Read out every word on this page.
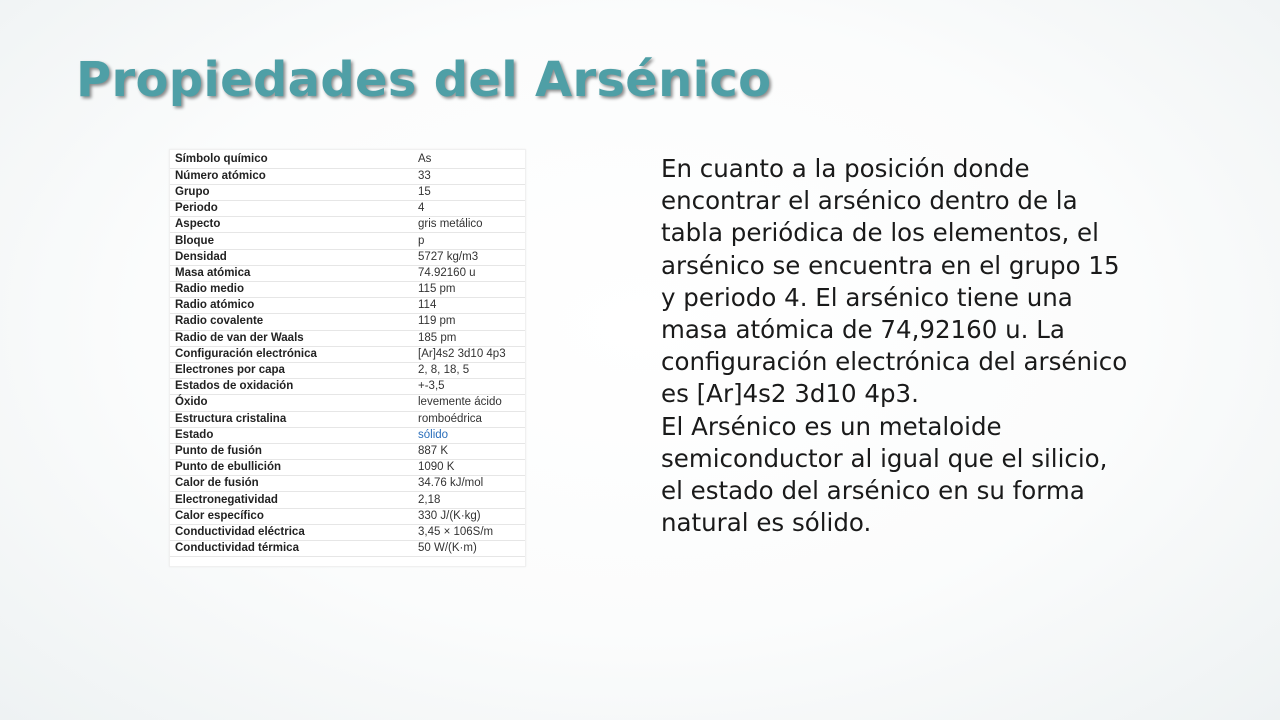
Propiedades del Arsénico
Símbolo químico	As
Número atómico	33
Grupo	15
Periodo	4
Aspecto	gris metálico
Bloque	p
Densidad	5727 kg/m3
Masa atómica	74.92160 u
Radio medio	115 pm
Radio atómico	114
Radio covalente	119 pm
Radio de van der Waals	185 pm
Configuración electrónica	[Ar]4s2 3d10 4p3
Electrones por capa	2, 8, 18, 5
Estados de oxidación	+-3,5
Óxido	levemente ácido
Estructura cristalina	romboédrica
Estado	sólido
Punto de fusión	887 K
Punto de ebullición	1090 K
Calor de fusión	34.76 kJ/mol
Electronegatividad	2,18
Calor específico	330 J/(K·kg)
Conductividad eléctrica	3,45 × 106S/m
Conductividad térmica	50 W/(K·m)

En cuanto a la posición donde
encontrar el arsénico dentro de la
tabla periódica de los elementos, el
arsénico se encuentra en el grupo 15
y periodo 4. El arsénico tiene una
masa atómica de 74,92160 u. La
configuración electrónica del arsénico
es [Ar]4s2 3d10 4p3.

El Arsénico es un metaloide
semiconductor al igual que el silicio,
el estado del arsénico en su forma
natural es sólido.
